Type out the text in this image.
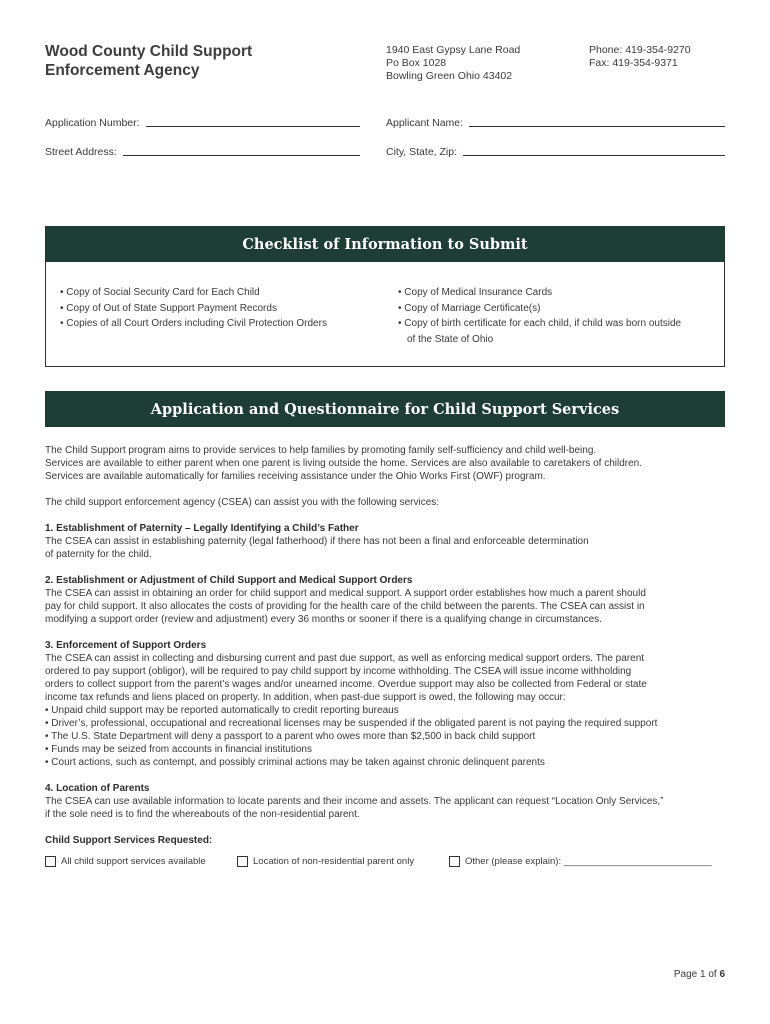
Wood County Child Support
Enforcement Agency
1940 East Gypsy Lane Road
Po Box 1028
Bowling Green Ohio 43402
Phone: 419-354-9270
Fax: 419-354-9371
Application Number:	Applicant Name:
Street Address:	City, State, Zip:
Checklist of Information to Submit
• Copy of Social Security Card for Each Child
• Copy of Out of State Support Payment Records
• Copies of all Court Orders including Civil Protection Orders
• Copy of Medical Insurance Cards
• Copy of Marriage Certificate(s)
• Copy of birth certificate for each child, if child was born outside
of the State of Ohio
Application and Questionnaire for Child Support Services

The Child Support program aims to provide services to help families by promoting family self-sufficiency and child well-being.

Services are available to either parent when one parent is living outside the home. Services are also available to caretakers of children.

Services are available automatically for families receiving assistance under the Ohio Works First (OWF) program.

The child support enforcement agency (CSEA) can assist you with the following services:

1. Establishment of Paternity – Legally Identifying a Child’s Father

The CSEA can assist in establishing paternity (legal fatherhood) if there has not been a final and enforceable determination

of paternity for the child.

2. Establishment or Adjustment of Child Support and Medical Support Orders

The CSEA can assist in obtaining an order for child support and medical support. A support order establishes how much a parent should

pay for child support. It also allocates the costs of providing for the health care of the child between the parents. The CSEA can assist in

modifying a support order (review and adjustment) every 36 months or sooner if there is a qualifying change in circumstances.

3. Enforcement of Support Orders

The CSEA can assist in collecting and disbursing current and past due support, as well as enforcing medical support orders. The parent

ordered to pay support (obligor), will be required to pay child support by income withholding. The CSEA will issue income withholding

orders to collect support from the parent’s wages and/or unearned income. Overdue support may also be collected from Federal or state

income tax refunds and liens placed on property. In addition, when past-due support is owed, the following may occur:

• Unpaid child support may be reported automatically to credit reporting bureaus

• Driver’s, professional, occupational and recreational licenses may be suspended if the obligated parent is not paying the required support

• The U.S. State Department will deny a passport to a parent who owes more than $2,500 in back child support

• Funds may be seized from accounts in financial institutions

• Court actions, such as contempt, and possibly criminal actions may be taken against chronic delinquent parents

4. Location of Parents

The CSEA can use available information to locate parents and their income and assets. The applicant can request “Location Only Services,”

if the sole need is to find the whereabouts of the non-residential parent.

Child Support Services Requested:

All child support services available	Location of non-residential parent only	Other (please explain): ____________________________
Page 1 of 6
